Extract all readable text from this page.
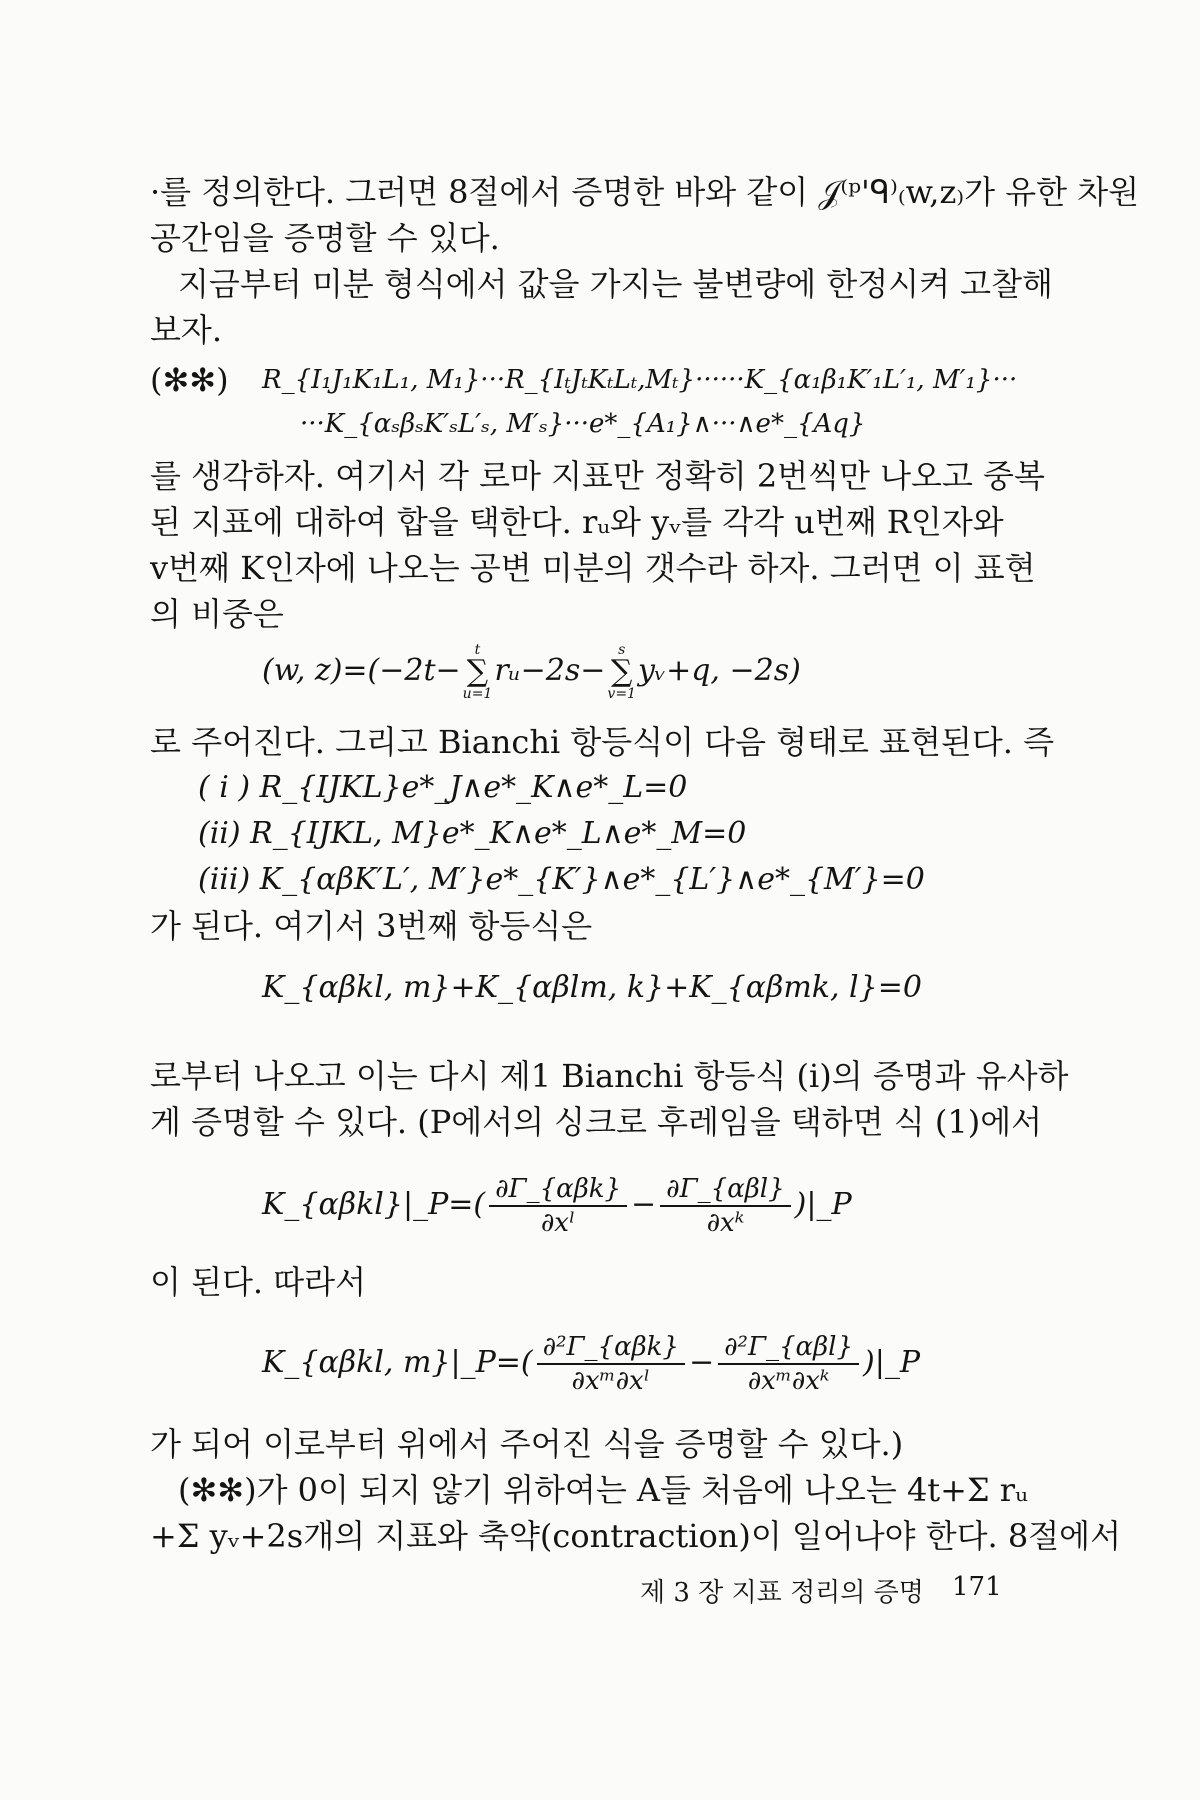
·를 정의한다. 그러면 8절에서 증명한 바와 같이 𝒥⁽ᵖ'ᑫ⁾₍w,z₎가 유한 차원
공간임을 증명할 수 있다.
지금부터 미분 형식에서 값을 가지는 불변량에 한정시켜 고찰해
보자.
(✻✻) R_{I₁J₁K₁L₁, M₁}···R_{IₜJₜKₜLₜ,Mₜ}······K_{α₁β₁K′₁L′₁, M′₁}···
···K_{αₛβₛK′ₛL′ₛ, M′ₛ}···e*_{A₁}∧···∧e*_{Aq}
를 생각하자. 여기서 각 로마 지표만 정확히 2번씩만 나오고 중복
된 지표에 대하여 합을 택한다. rᵤ와 yᵥ를 각각 u번째 R인자와
v번째 K인자에 나오는 공변 미분의 갯수라 하자. 그러면 이 표현
의 비중은
(w, z)=(−2t−
t
∑
u=1
rᵤ−2s−
s
∑
v=1
yᵥ+q, −2s)
로 주어진다. 그리고 Bianchi 항등식이 다음 형태로 표현된다. 즉
( i ) R_{IJKL}e*_J∧e*_K∧e*_L=0
(ii) R_{IJKL, M}e*_K∧e*_L∧e*_M=0
(iii) K_{αβK′L′, M′}e*_{K′}∧e*_{L′}∧e*_{M′}=0
가 된다. 여기서 3번째 항등식은
K_{αβkl, m}+K_{αβlm, k}+K_{αβmk, l}=0
로부터 나오고 이는 다시 제1 Bianchi 항등식 (i)의 증명과 유사하
게 증명할 수 있다. (P에서의 싱크로 후레임을 택하면 식 (1)에서
K_{αβkl}|_P=( $\frac{\text{∂Γ\_\{αβk\}}}{\text{∂xˡ}} - \frac{\text{∂Γ\_\{αβl\}}}{\text{∂xᵏ}}$ )|_P
이 된다. 따라서
K_{αβkl, m}|_P=( $\frac{\text{∂²Γ\_\{αβk\}}}{\text{∂xᵐ∂xˡ}} - \frac{\text{∂²Γ\_\{αβl\}}}{\text{∂xᵐ∂xᵏ}}$ )|_P
가 되어 이로부터 위에서 주어진 식을 증명할 수 있다.)
(✻✻)가 0이 되지 않기 위하여는 A들 처음에 나오는 4t+Σ rᵤ
+Σ yᵥ+2s개의 지표와 축약(contraction)이 일어나야 한다. 8절에서
제 3 장 지표 정리의 증명 171
